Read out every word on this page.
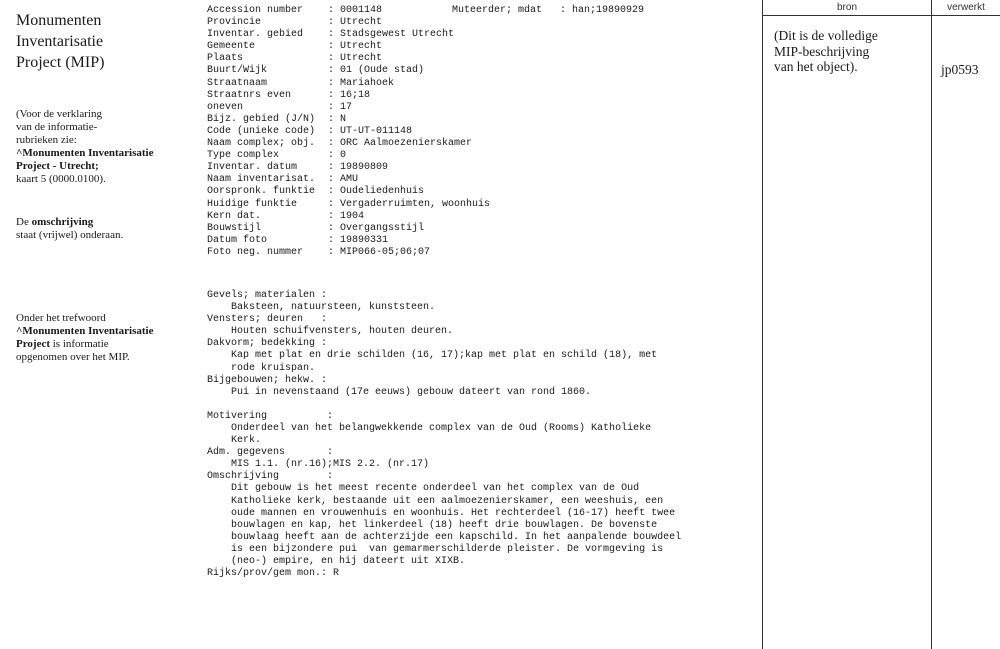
Monumenten
Inventarisatie
Project (MIP)
(Voor de verklaring
van de informatie-
rubrieken zie:
^Monumenten Inventarisatie
Project - Utrecht;
kaart 5 (0000.0100).
De omschrijving
staat (vrijwel) onderaan.
Onder het trefwoord
^Monumenten Inventarisatie
Project is informatie
opgenomen over het MIP.
Accession number : 0001148
Provincie	: Utrecht
Inventar. gebied : Stadsgewest Utrecht
Gemeente	: Utrecht
Plaats	: Utrecht
Buurt/Wijk	: 01 (Oude stad)
Straatnaam	: Mariahoek
Straatnrs even	: 16;18
oneven	: 17
Bijz. gebied (J/N) : N
Code (unieke code) : UT-UT-011148
Naam complex; obj. : ORC Aalmoezenierskamer
Type complex	: 0
Inventar. datum	: 19890809
Naam inventarisat. : AMU
Oorspronk. funktie : Oudeliedenhuis
Huidige funktie	: Vergaderruimten, woonhuis
Kern dat.	: 1904
Bouwstijl	: Overgangsstijl
Datum foto	: 19890331
Foto neg. nummer : MIP066-05;06;07
Muteerder; mdat   : han;19890929
Gevels; materialen :
Baksteen, natuursteen, kunststeen.
Vensters; deuren   :
Houten schuifvensters, houten deuren.
Dakvorm; bedekking :
Kap met plat en drie schilden (16, 17);kap met plat en schild (18), met
rode kruispan.
Bijgebouwen; hekw. :
Pui in nevenstaand (17e eeuws) gebouw dateert van rond 1860.
Motivering          :
Onderdeel van het belangwekkende complex van de Oud (Rooms) Katholieke
Kerk.
Adm. gegevens       :
MIS 1.1. (nr.16);MIS 2.2. (nr.17)
Omschrijving        :
Dit gebouw is het meest recente onderdeel van het complex van de Oud
Katholieke kerk, bestaande uit een aalmoezenierskamer, een weeshuis, een
oude mannen en vrouwenhuis en woonhuis. Het rechterdeel (16-17) heeft twee
bouwlagen en kap, het linkerdeel (18) heeft drie bouwlagen. De bovenste
bouwlaag heeft aan de achterzijde een kapschild. In het aanpalende bouwdeel
is een bijzondere pui  van gemarmerschilderde pleister. De vormgeving is
(neo-) empire, en hij dateert uit XIXB.
Rijks/prov/gem mon.: R
bron	verwerkt
(Dit is de volledige
MIP-beschrijving
van het object).	jp0593
